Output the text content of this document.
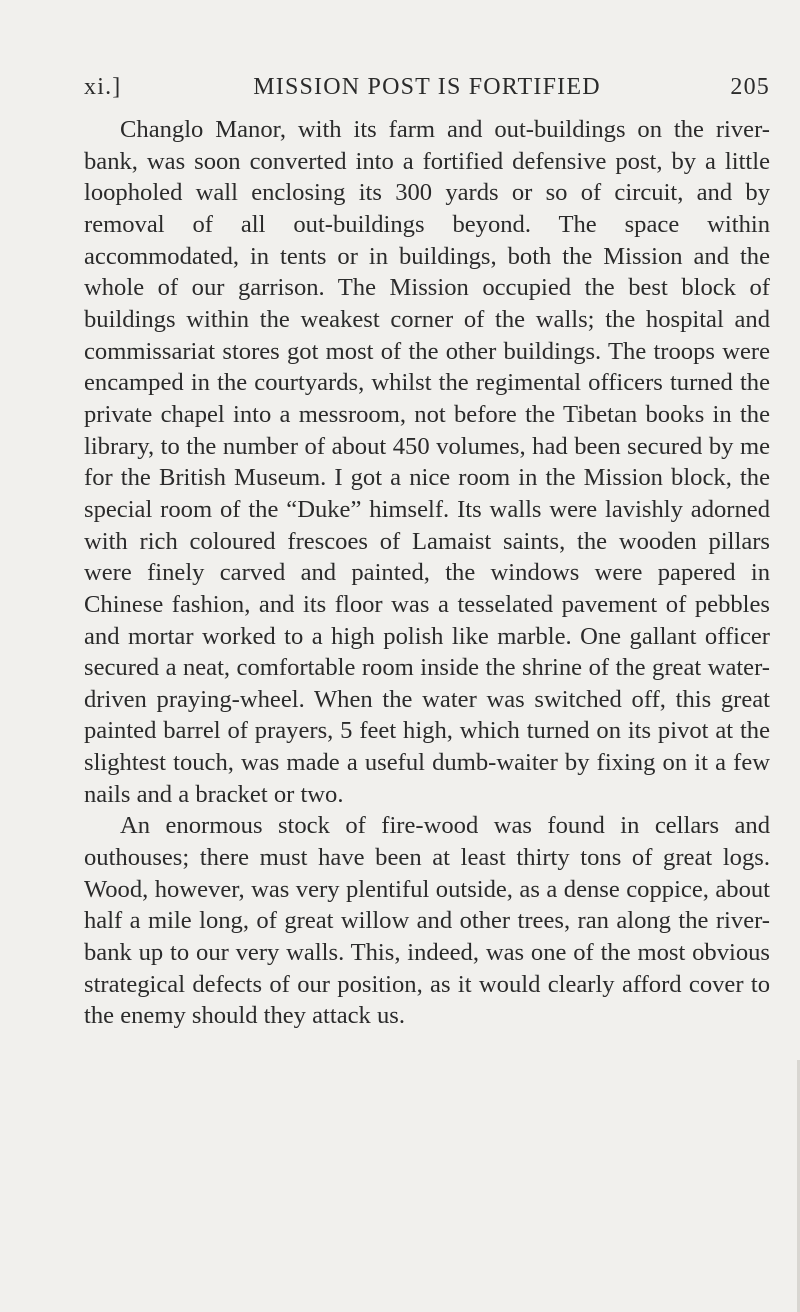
xi.]	MISSION POST IS FORTIFIED	205

Changlo Manor, with its farm and out-buildings on the river-bank, was soon converted into a fortified defensive post, by a little loopholed wall enclosing its 300 yards or so of circuit, and by removal of all out-buildings beyond. The space within accommodated, in tents or in buildings, both the Mission and the whole of our garrison. The Mission occupied the best block of buildings within the weakest corner of the walls; the hospital and commissariat stores got most of the other buildings. The troops were encamped in the courtyards, whilst the regimental officers turned the private chapel into a messroom, not before the Tibetan books in the library, to the number of about 450 volumes, had been secured by me for the British Museum. I got a nice room in the Mission block, the special room of the “Duke” himself. Its walls were lavishly adorned with rich coloured frescoes of Lamaist saints, the wooden pillars were finely carved and painted, the windows were papered in Chinese fashion, and its floor was a tesselated pavement of pebbles and mortar worked to a high polish like marble. One gallant officer secured a neat, comfortable room inside the shrine of the great water-driven praying-wheel. When the water was switched off, this great painted barrel of prayers, 5 feet high, which turned on its pivot at the slightest touch, was made a useful dumb-waiter by fixing on it a few nails and a bracket or two.

An enormous stock of fire-wood was found in cellars and outhouses; there must have been at least thirty tons of great logs. Wood, however, was very plentiful outside, as a dense coppice, about half a mile long, of great willow and other trees, ran along the river-bank up to our very walls. This, indeed, was one of the most obvious strategical defects of our position, as it would clearly afford cover to the enemy should they attack us.
